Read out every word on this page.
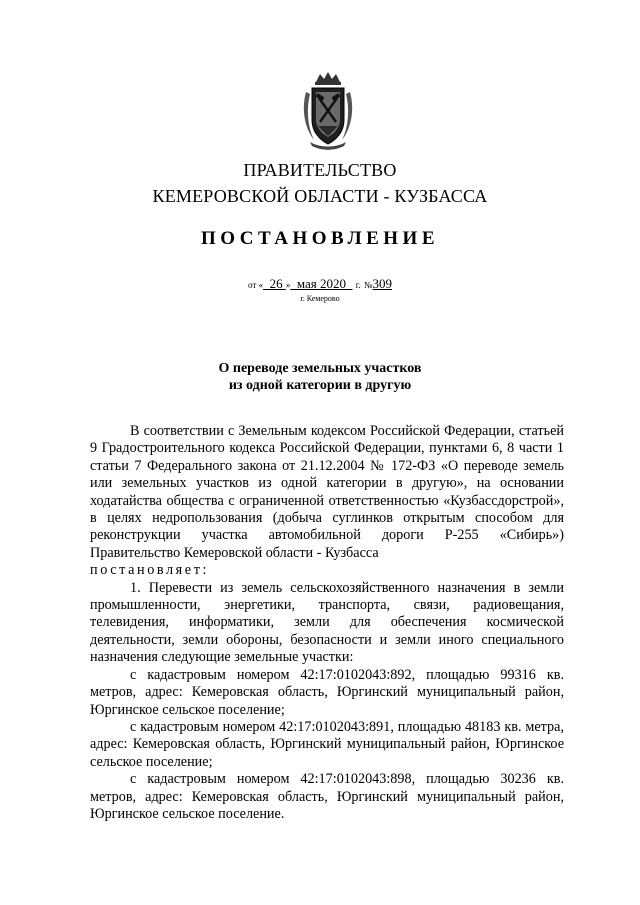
ПРАВИТЕЛЬСТВО
КЕМЕРОВСКОЙ ОБЛАСТИ - КУЗБАССА
ПОСТАНОВЛЕНИЕ
от « 26 » мая 2020 г. №309
г. Кемерово
О переводе земельных участков
из одной категории в другую

В соответствии с Земельным кодексом Российской Федерации, статьей 9 Градостроительного кодекса Российской Федерации, пунктами 6, 8 части 1 статьи 7 Федерального закона от 21.12.2004 № 172-ФЗ «О переводе земель или земельных участков из одной категории в другую», на основании ходатайства общества с ограниченной ответственностью «Кузбассдорстрой», в целях недропользования (добыча суглинков открытым способом для реконструкции участка автомобильной дороги Р-255 «Сибирь») Правительство Кемеровской области - Кузбасса

постановляет:

1. Перевести из земель сельскохозяйственного назначения в земли промышленности, энергетики, транспорта, связи, радиовещания, телевидения, информатики, земли для обеспечения космической деятельности, земли обороны, безопасности и земли иного специального назначения следующие земельные участки:

с кадастровым номером 42:17:0102043:892, площадью 99316 кв. метров, адрес: Кемеровская область, Юргинский муниципальный район, Юргинское сельское поселение;

с кадастровым номером 42:17:0102043:891, площадью 48183 кв. метра, адрес: Кемеровская область, Юргинский муниципальный район, Юргинское сельское поселение;

с кадастровым номером 42:17:0102043:898, площадью 30236 кв. метров, адрес: Кемеровская область, Юргинский муниципальный район, Юргинское сельское поселение.
